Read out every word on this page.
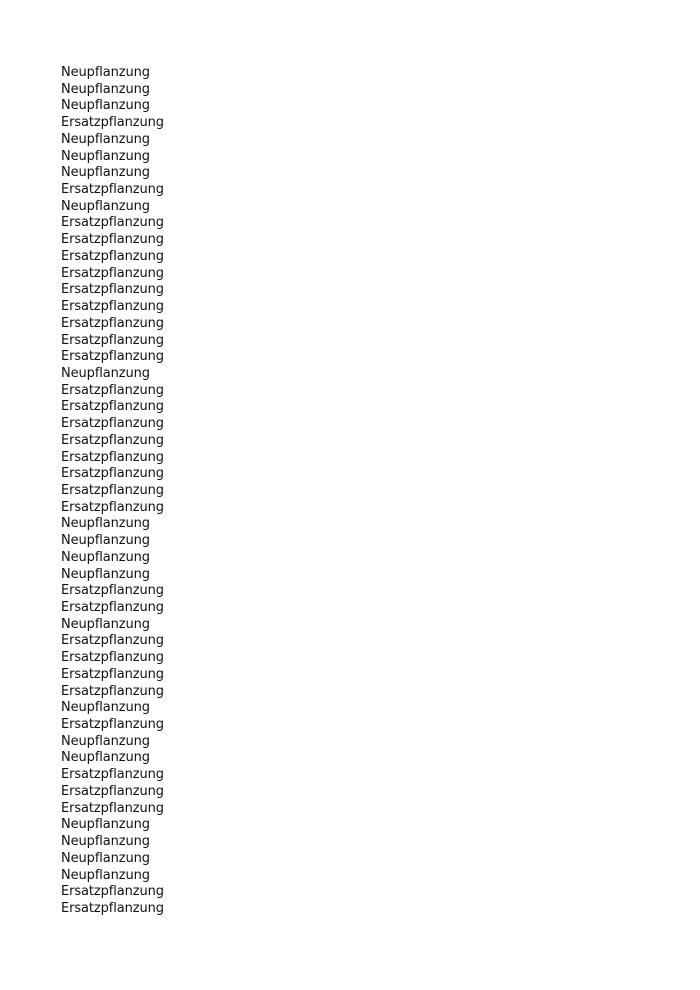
Neupflanzung
Neupflanzung
Neupflanzung
Ersatzpflanzung
Neupflanzung
Neupflanzung
Neupflanzung
Ersatzpflanzung
Neupflanzung
Ersatzpflanzung
Ersatzpflanzung
Ersatzpflanzung
Ersatzpflanzung
Ersatzpflanzung
Ersatzpflanzung
Ersatzpflanzung
Ersatzpflanzung
Ersatzpflanzung
Neupflanzung
Ersatzpflanzung
Ersatzpflanzung
Ersatzpflanzung
Ersatzpflanzung
Ersatzpflanzung
Ersatzpflanzung
Ersatzpflanzung
Ersatzpflanzung
Neupflanzung
Neupflanzung
Neupflanzung
Neupflanzung
Ersatzpflanzung
Ersatzpflanzung
Neupflanzung
Ersatzpflanzung
Ersatzpflanzung
Ersatzpflanzung
Ersatzpflanzung
Neupflanzung
Ersatzpflanzung
Neupflanzung
Neupflanzung
Ersatzpflanzung
Ersatzpflanzung
Ersatzpflanzung
Neupflanzung
Neupflanzung
Neupflanzung
Neupflanzung
Ersatzpflanzung
Ersatzpflanzung
